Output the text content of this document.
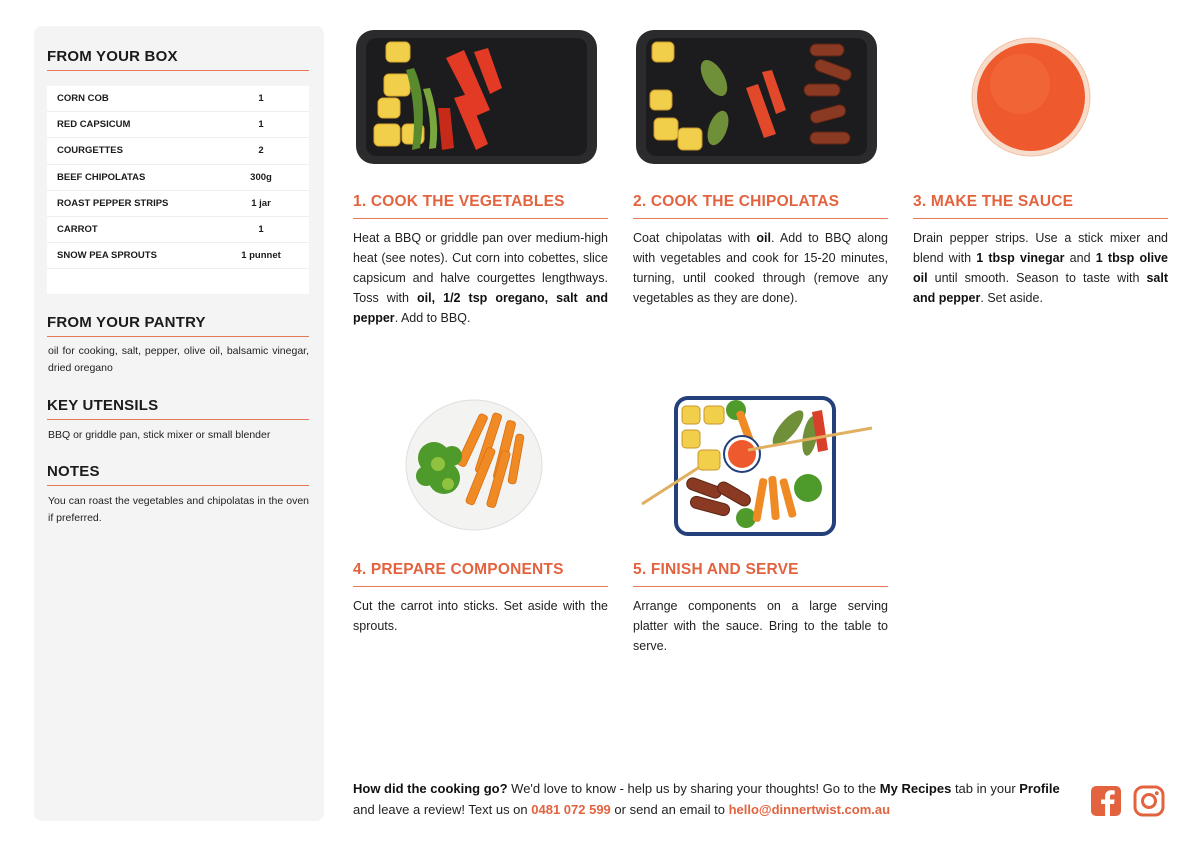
FROM YOUR BOX
CORN COB	1
RED CAPSICUM	1
COURGETTES	2
BEEF CHIPOLATAS	300g
ROAST PEPPER STRIPS	1 jar
CARROT	1
SNOW PEA SPROUTS	1 punnet
FROM YOUR PANTRY
oil for cooking, salt, pepper, olive oil, balsamic vinegar, dried oregano
KEY UTENSILS
BBQ or griddle pan, stick mixer or small blender
NOTES
You can roast the vegetables and chipolatas in the oven if preferred.
1. COOK THE VEGETABLES
Heat a BBQ or griddle pan over medium-high heat (see notes). Cut corn into cobettes, slice capsicum and halve courgettes lengthways. Toss with oil, 1/2 tsp oregano, salt and pepper. Add to BBQ.
2. COOK THE CHIPOLATAS
Coat chipolatas with oil. Add to BBQ along with vegetables and cook for 15-20 minutes, turning, until cooked through (remove any vegetables as they are done).
3. MAKE THE SAUCE
Drain pepper strips. Use a stick mixer and blend with 1 tbsp vinegar and 1 tbsp olive oil until smooth. Season to taste with salt and pepper. Set aside.
4. PREPARE COMPONENTS
Cut the carrot into sticks. Set aside with the sprouts.
5. FINISH AND SERVE
Arrange components on a large serving platter with the sauce. Bring to the table to serve.
How did the cooking go? We'd love to know - help us by sharing your thoughts! Go to the My Recipes tab in your Profile and leave a review! Text us on 0481 072 599 or send an email to hello@dinnertwist.com.au
